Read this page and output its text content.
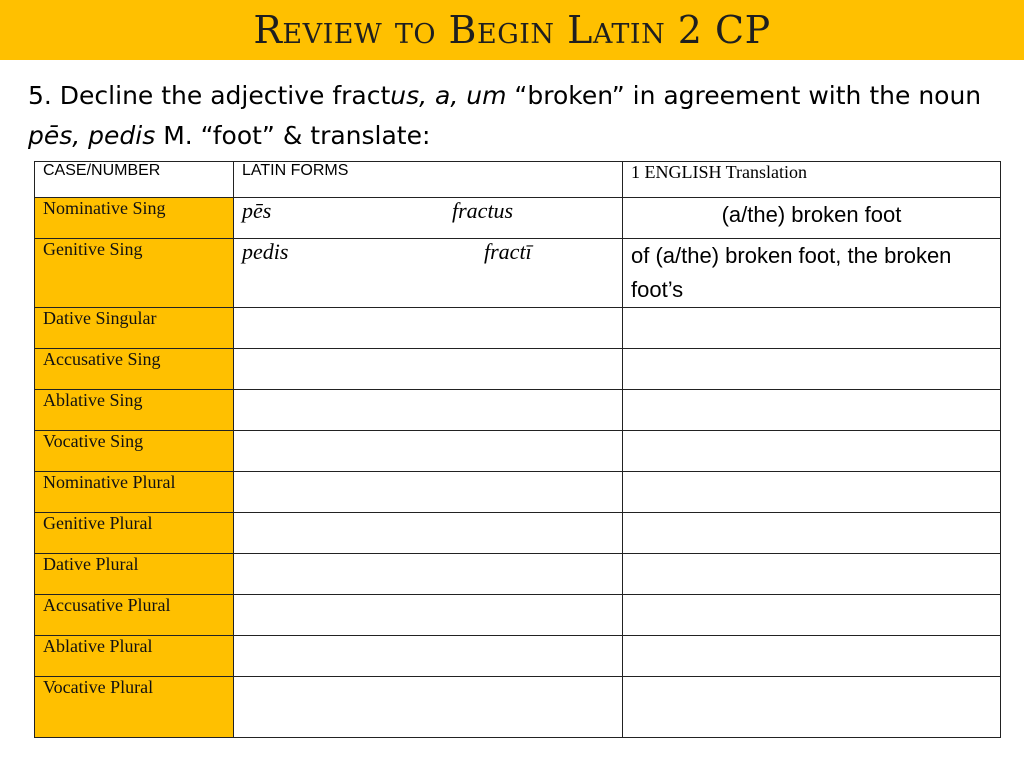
Review to Begin Latin 2 CP
5. Decline the adjective fractus, a, um “broken” in agreement with the noun pēs, pedis M. “foot” & translate:
CASE/NUMBER	LATIN FORMS	1 ENGLISH Translation
Nominative Sing	pēs fractus	(a/the) broken foot
Genitive Sing	pedis fractī	of (a/the) broken foot, the broken foot’s
Dative Singular		
Accusative Sing		
Ablative Sing		
Vocative Sing		
Nominative Plural		
Genitive Plural		
Dative Plural		
Accusative Plural		
Ablative Plural		
Vocative Plural		
